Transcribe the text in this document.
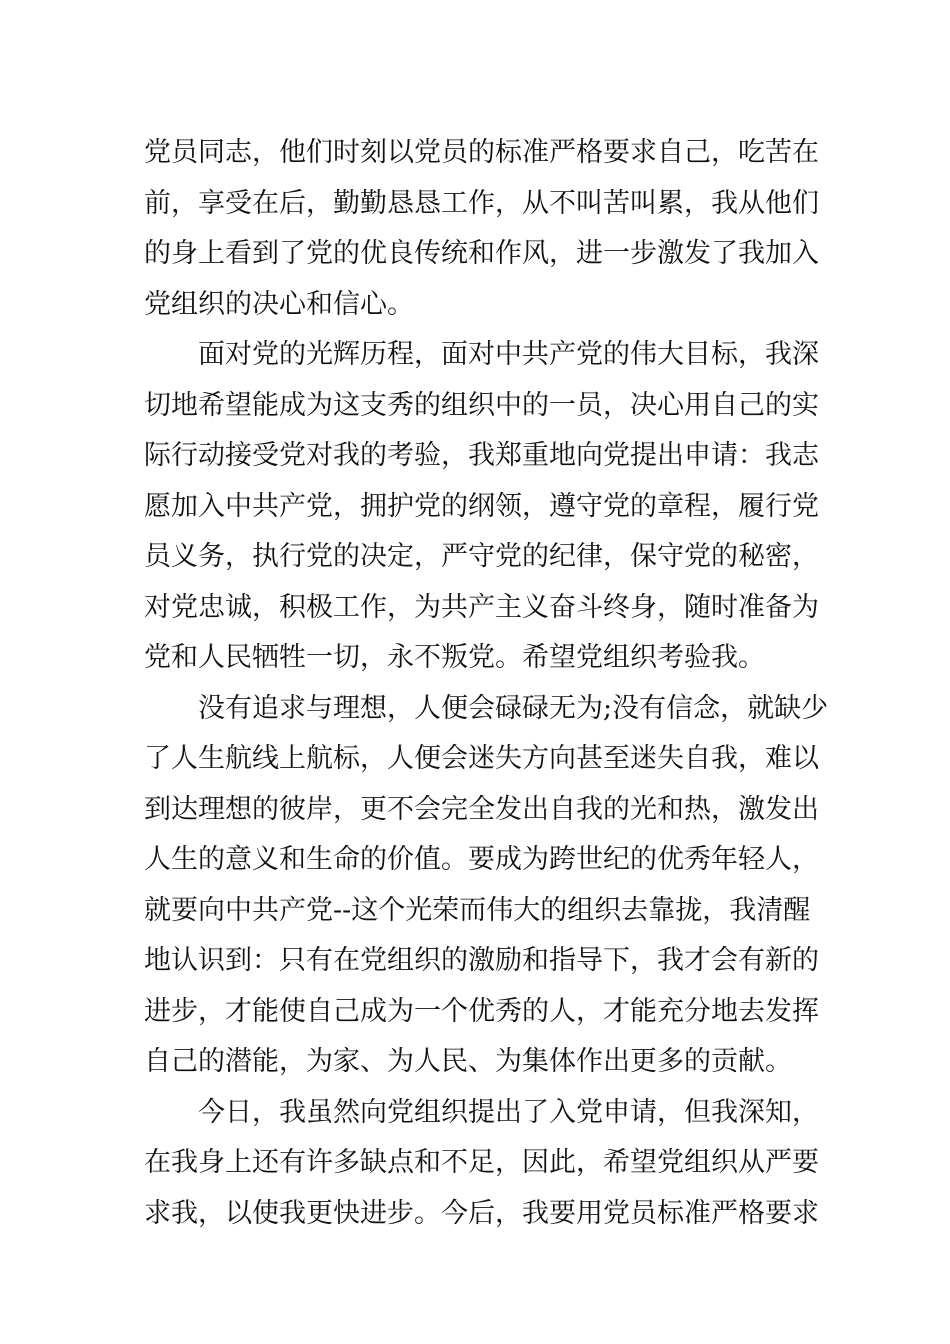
党员同志，他们时刻以党员的标准严格要求自己，吃苦在
前，享受在后，勤勤恳恳工作，从不叫苦叫累，我从他们
的身上看到了党的优良传统和作风，进一步激发了我加入
党组织的决心和信心。
面对党的光辉历程，面对中共产党的伟大目标，我深
切地希望能成为这支秀的组织中的一员，决心用自己的实
际行动接受党对我的考验，我郑重地向党提出申请：我志
愿加入中共产党，拥护党的纲领，遵守党的章程，履行党
员义务，执行党的决定，严守党的纪律，保守党的秘密，
对党忠诚，积极工作，为共产主义奋斗终身，随时准备为
党和人民牺牲一切，永不叛党。希望党组织考验我。
没有追求与理想，人便会碌碌无为;没有信念，就缺少
了人生航线上航标，人便会迷失方向甚至迷失自我，难以
到达理想的彼岸，更不会完全发出自我的光和热，激发出
人生的意义和生命的价值。要成为跨世纪的优秀年轻人，
就要向中共产党--这个光荣而伟大的组织去靠拢，我清醒
地认识到：只有在党组织的激励和指导下，我才会有新的
进步，才能使自己成为一个优秀的人，才能充分地去发挥
自己的潜能，为家、为人民、为集体作出更多的贡献。
今日，我虽然向党组织提出了入党申请，但我深知，
在我身上还有许多缺点和不足，因此，希望党组织从严要
求我，以使我更快进步。今后，我要用党员标准严格要求
